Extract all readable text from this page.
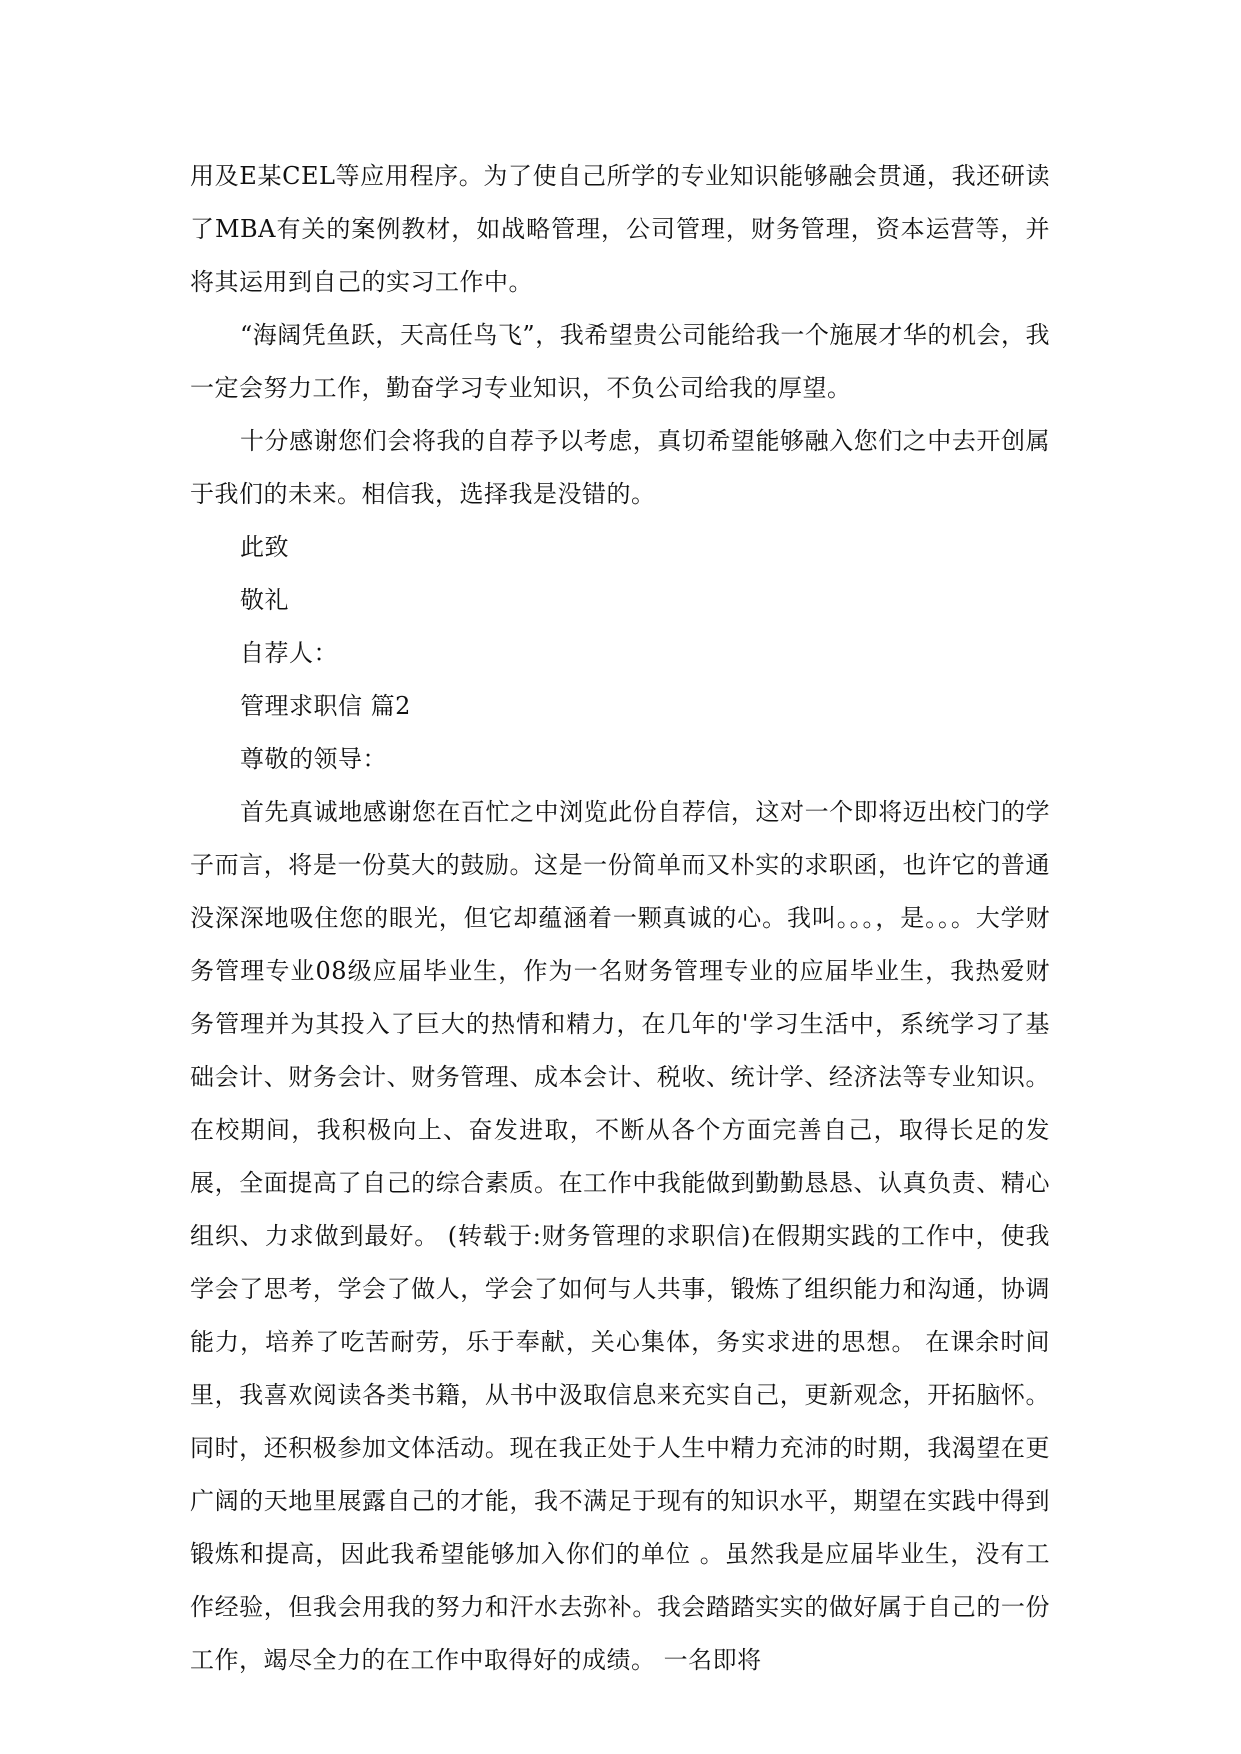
用及E某CEL等应用程序。为了使自己所学的专业知识能够融会贯通，我还研读了MBA有关的案例教材，如战略管理，公司管理，财务管理，资本运营等，并将其运用到自己的实习工作中。

“海阔凭鱼跃，天高任鸟飞”，我希望贵公司能给我一个施展才华的机会，我一定会努力工作，勤奋学习专业知识，不负公司给我的厚望。

十分感谢您们会将我的自荐予以考虑，真切希望能够融入您们之中去开创属于我们的未来。相信我，选择我是没错的。

此致

敬礼

自荐人：

管理求职信 篇2

尊敬的领导：

首先真诚地感谢您在百忙之中浏览此份自荐信，这对一个即将迈出校门的学子而言，将是一份莫大的鼓励。这是一份简单而又朴实的求职函，也许它的普通没深深地吸住您的眼光，但它却蕴涵着一颗真诚的心。我叫。。。，是。。。大学财务管理专业08级应届毕业生，作为一名财务管理专业的应届毕业生，我热爱财务管理并为其投入了巨大的热情和精力，在几年的'学习生活中，系统学习了基础会计、财务会计、财务管理、成本会计、税收、统计学、经济法等专业知识。 在校期间，我积极向上、奋发进取，不断从各个方面完善自己，取得长足的发展，全面提高了自己的综合素质。在工作中我能做到勤勤恳恳、认真负责、精心组织、力求做到最好。 (转载于:财务管理的求职信)在假期实践的工作中，使我学会了思考，学会了做人，学会了如何与人共事，锻炼了组织能力和沟通，协调能力，培养了吃苦耐劳，乐于奉献，关心集体，务实求进的思想。 在课余时间里，我喜欢阅读各类书籍，从书中汲取信息来充实自己，更新观念，开拓脑怀。同时，还积极参加文体活动。现在我正处于人生中精力充沛的时期，我渴望在更广阔的天地里展露自己的才能，我不满足于现有的知识水平，期望在实践中得到锻炼和提高，因此我希望能够加入你们的单位 。虽然我是应届毕业生，没有工作经验，但我会用我的努力和汗水去弥补。我会踏踏实实的做好属于自己的一份工作，竭尽全力的在工作中取得好的成绩。 一名即将
